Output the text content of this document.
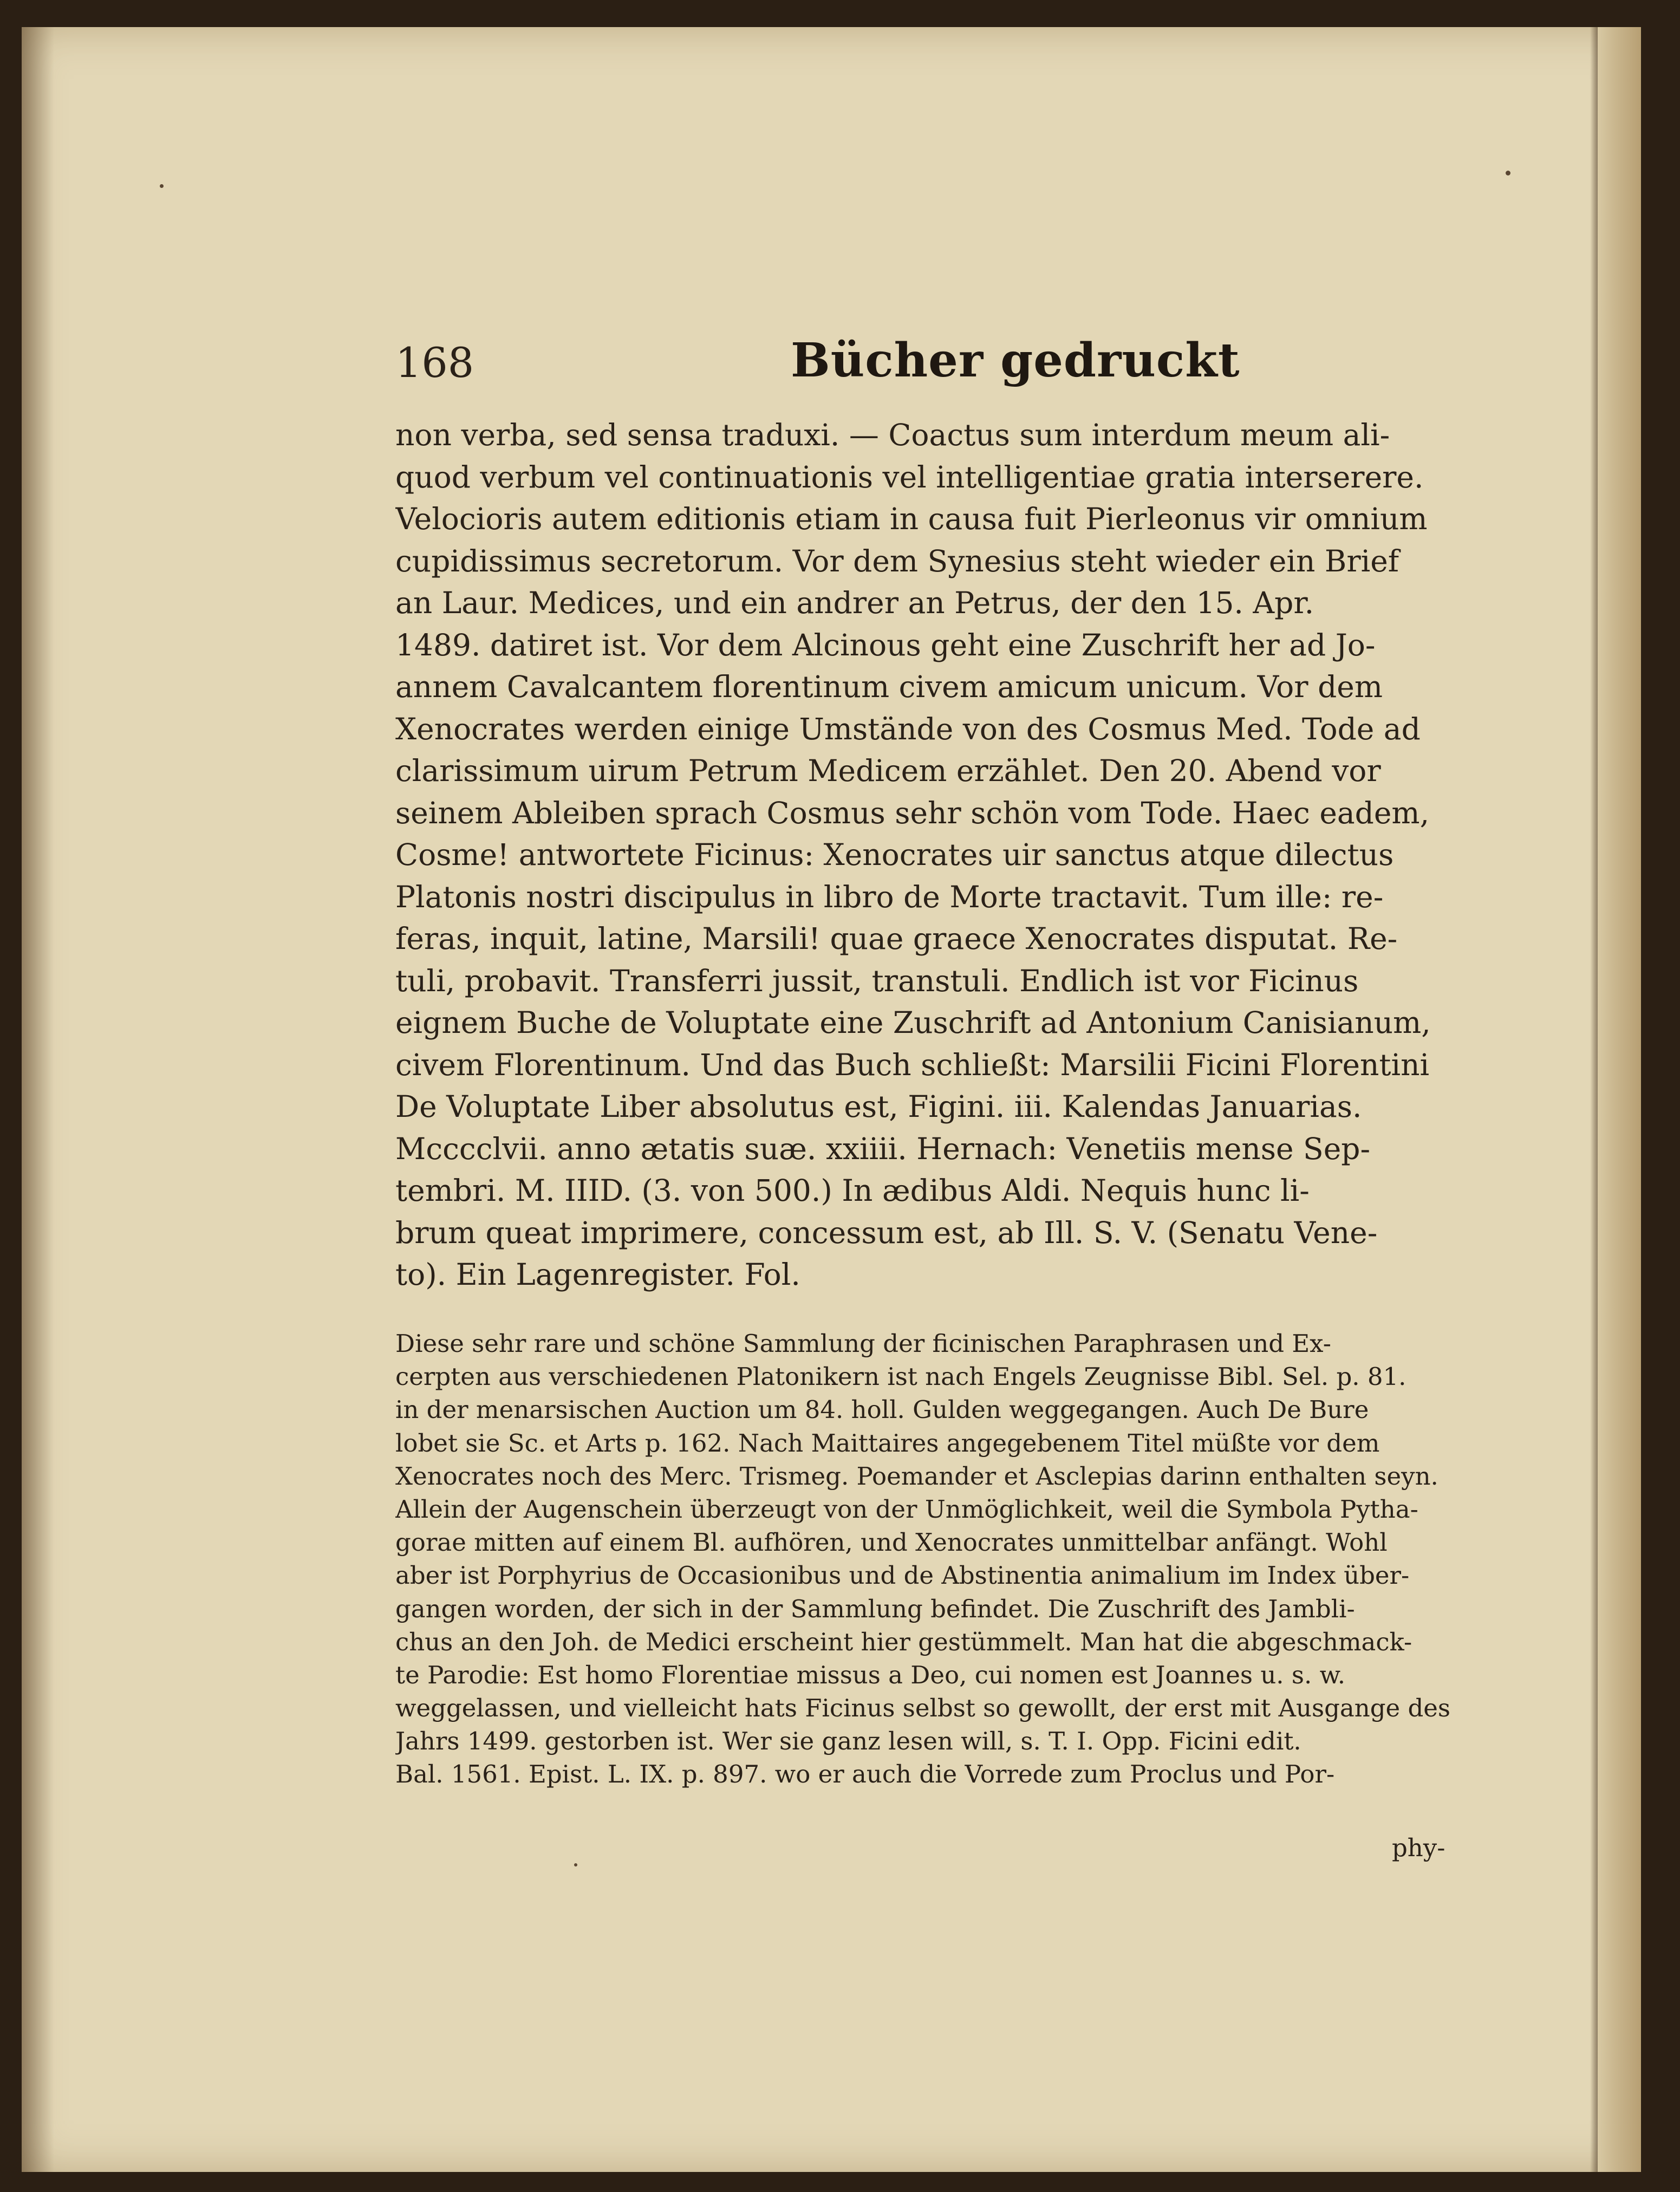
168	Bücher gedruckt
non verba, sed sensa traduxi. — Coactus sum interdum meum ali-
quod verbum vel continuationis vel intelligentiae gratia interserere.
Velocioris autem editionis etiam in causa fuit Pierleonus vir omnium
cupidissimus secretorum. Vor dem Synesius steht wieder ein Brief
an Laur. Medices, und ein andrer an Petrus, der den 15. Apr.
1489. datiret ist. Vor dem Alcinous geht eine Zuschrift her ad Jo-
annem Cavalcantem florentinum civem amicum unicum. Vor dem
Xenocrates werden einige Umstände von des Cosmus Med. Tode ad
clarissimum uirum Petrum Medicem erzählet. Den 20. Abend vor
seinem Ableiben sprach Cosmus sehr schön vom Tode. Haec eadem,
Cosme! antwortete Ficinus: Xenocrates uir sanctus atque dilectus
Platonis nostri discipulus in libro de Morte tractavit. Tum ille: re-
feras, inquit, latine, Marsili! quae graece Xenocrates disputat. Re-
tuli, probavit. Transferri jussit, transtuli. Endlich ist vor Ficinus
eignem Buche de Voluptate eine Zuschrift ad Antonium Canisianum,
civem Florentinum. Und das Buch schließt: Marsilii Ficini Florentini
De Voluptate Liber absolutus est, Figini. iii. Kalendas Januarias.
Mcccclvii. anno ætatis suæ. xxiiii. Hernach: Venetiis mense Sep-
tembri. M. IIID. (3. von 500.) In ædibus Aldi. Nequis hunc li-
brum queat imprimere, concessum est, ab Ill. S. V. (Senatu Vene-
to). Ein Lagenregister. Fol.
Diese sehr rare und schöne Sammlung der ficinischen Paraphrasen und Ex-
cerpten aus verschiedenen Platonikern ist nach Engels Zeugnisse Bibl. Sel. p. 81.
in der menarsischen Auction um 84. holl. Gulden weggegangen. Auch De Bure
lobet sie Sc. et Arts p. 162. Nach Maittaires angegebenem Titel müßte vor dem
Xenocrates noch des Merc. Trismeg. Poemander et Asclepias darinn enthalten seyn.
Allein der Augenschein überzeugt von der Unmöglichkeit, weil die Symbola Pytha-
gorae mitten auf einem Bl. aufhören, und Xenocrates unmittelbar anfängt. Wohl
aber ist Porphyrius de Occasionibus und de Abstinentia animalium im Index über-
gangen worden, der sich in der Sammlung befindet. Die Zuschrift des Jambli-
chus an den Joh. de Medici erscheint hier gestümmelt. Man hat die abgeschmack-
te Parodie: Est homo Florentiae missus a Deo, cui nomen est Joannes u. s. w.
weggelassen, und vielleicht hats Ficinus selbst so gewollt, der erst mit Ausgange des
Jahrs 1499. gestorben ist. Wer sie ganz lesen will, s. T. I. Opp. Ficini edit.
Bal. 1561. Epist. L. IX. p. 897. wo er auch die Vorrede zum Proclus und Por-
phy-
